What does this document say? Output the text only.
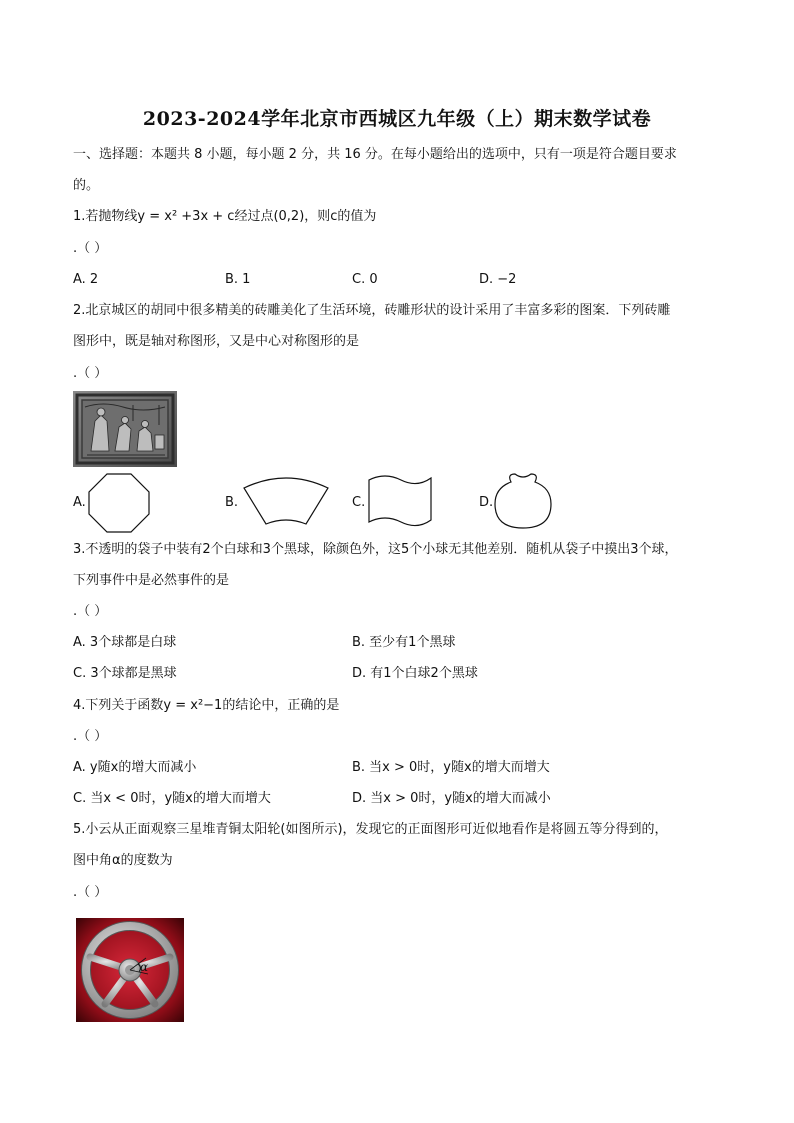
2023-2024学年北京市西城区九年级（上）期末数学试卷
一、选择题：本题共 8 小题，每小题 2 分，共 16 分。在每小题给出的选项中，只有一项是符合题目要求
的。
1.若抛物线y = x² +3x + c经过点(0,2)，则c的值为
.（ ）
A. 2	B. 1	C. 0	D. −2
2.北京城区的胡同中很多精美的砖雕美化了生活环境，砖雕形状的设计采用了丰富多彩的图案．下列砖雕
图形中，既是轴对称图形，又是中心对称图形的是
.（ ）
A.	B.	C.	D.
3.不透明的袋子中装有2个白球和3个黑球，除颜色外，这5个小球无其他差别．随机从袋子中摸出3个球，
下列事件中是必然事件的是
.（ ）
A. 3个球都是白球	B. 至少有1个黑球
C. 3个球都是黑球	D. 有1个白球2个黑球
4.下列关于函数y = x²−1的结论中，正确的是
.（ ）
A. y随x的增大而减小	B. 当x > 0时，y随x的增大而增大
C. 当x < 0时，y随x的增大而增大	D. 当x > 0时，y随x的增大而减小
5.小云从正面观察三星堆青铜太阳轮(如图所示)，发现它的正面图形可近似地看作是将圆五等分得到的，
图中角α的度数为
.（ ）
α
